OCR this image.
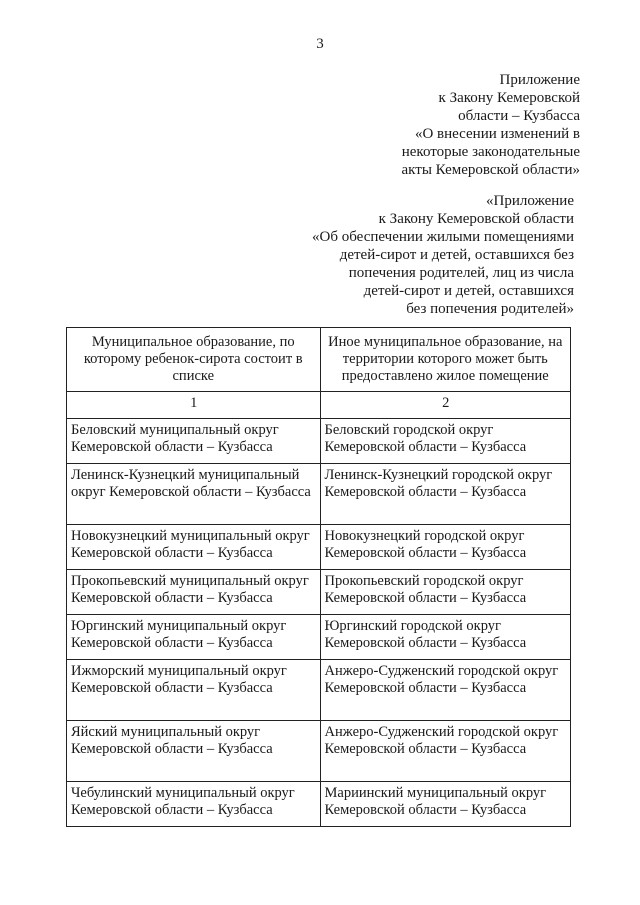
3
Приложение
к Закону Кемеровской
области – Кузбасса
«О внесении изменений в
некоторые законодательные
акты Кемеровской области»
«Приложение
к Закону Кемеровской области
«Об обеспечении жилыми помещениями
детей-сирот и детей, оставшихся без
попечения родителей, лиц из числа
детей-сирот и детей, оставшихся
без попечения родителей»
Муниципальное образование, по которому ребенок-сирота состоит в списке	Иное муниципальное образование, на территории которого может быть предоставлено жилое помещение
1	2
Беловский муниципальный округ Кемеровской области – Кузбасса	Беловский городской округ Кемеровской области – Кузбасса
Ленинск-Кузнецкий муниципальный округ Кемеровской области – Кузбасса	Ленинск-Кузнецкий городской округ Кемеровской области – Кузбасса
Новокузнецкий муниципальный округ Кемеровской области – Кузбасса	Новокузнецкий городской округ Кемеровской области – Кузбасса
Прокопьевский муниципальный округ Кемеровской области – Кузбасса	Прокопьевский городской округ Кемеровской области – Кузбасса
Юргинский муниципальный округ Кемеровской области – Кузбасса	Юргинский городской округ Кемеровской области – Кузбасса
Ижморский муниципальный округ Кемеровской области – Кузбасса	Анжеро-Судженский городской округ Кемеровской области – Кузбасса
Яйский муниципальный округ Кемеровской области – Кузбасса	Анжеро-Судженский городской округ Кемеровской области – Кузбасса
Чебулинский муниципальный округ Кемеровской области – Кузбасса	Мариинский муниципальный округ Кемеровской области – Кузбасса
